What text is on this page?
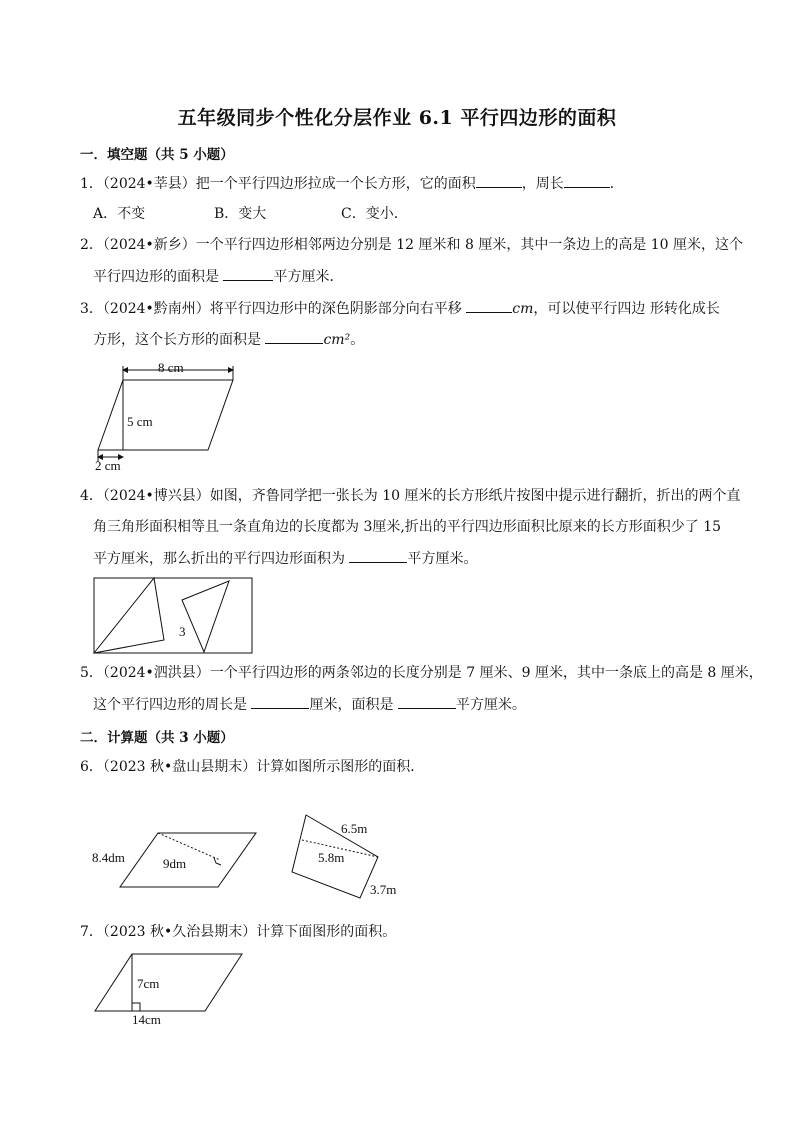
五年级同步个性化分层作业 6.1 平行四边形的面积
一．填空题（共 5 小题）
1．（2024•莘县）把一个平行四边形拉成一个长方形，它的面积	，周长	．
A．不变	B．变大	C．变小．
2．（2024•新乡）一个平行四边形相邻两边分别是 12 厘米和 8 厘米，其中一条边上的高是 10 厘米，这个
平行四边形的面积是	平方厘米．
3．（2024•黔南州）将平行四边形中的深色阴影部分向右平移	cm，可以使平行四边 形转化成长
方形，这个长方形的面积是	cm²。
8 cm
5 cm
2 cm
4．（2024•博兴县）如图，齐鲁同学把一张长为 10 厘米的长方形纸片按图中提示进行翻折，折出的两个直
角三角形面积相等且一条直角边的长度都为 3厘米,折出的平行四边形面积比原来的长方形面积少了 15
平方厘米，那么折出的平行四边形面积为	平方厘米。
3
5．（2024•泗洪县）一个平行四边形的两条邻边的长度分别是 7 厘米、9 厘米，其中一条底上的高是 8 厘米，
这个平行四边形的周长是	厘米，面积是	平方厘米。
二．计算题（共 3 小题）
6．（2023 秋•盘山县期末）计算如图所示图形的面积．
8.4dm	9dm
6.5m
5.8m
3.7m
7．（2023 秋•久治县期末）计算下面图形的面积。
7cm
14cm
